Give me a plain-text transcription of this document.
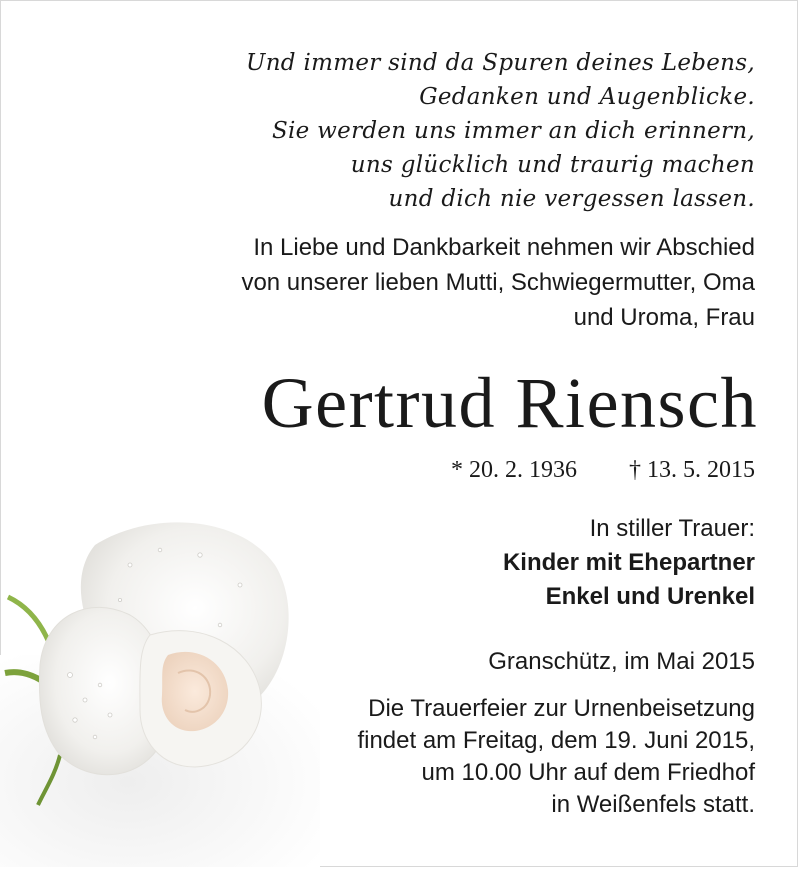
Und immer sind da Spuren deines Lebens,
Gedanken und Augenblicke.
Sie werden uns immer an dich erinnern,
uns glücklich und traurig machen
und dich nie vergessen lassen.
In Liebe und Dankbarkeit nehmen wir Abschied
von unserer lieben Mutti, Schwiegermutter, Oma
und Uroma, Frau
Gertrud Riensch
* 20. 2. 1936 † 13. 5. 2015
In stiller Trauer:
Kinder mit Ehepartner
Enkel und Urenkel
Granschütz, im Mai 2015
Die Trauerfeier zur Urnenbeisetzung
findet am Freitag, dem 19. Juni 2015,
um 10.00 Uhr auf dem Friedhof
in Weißenfels statt.
